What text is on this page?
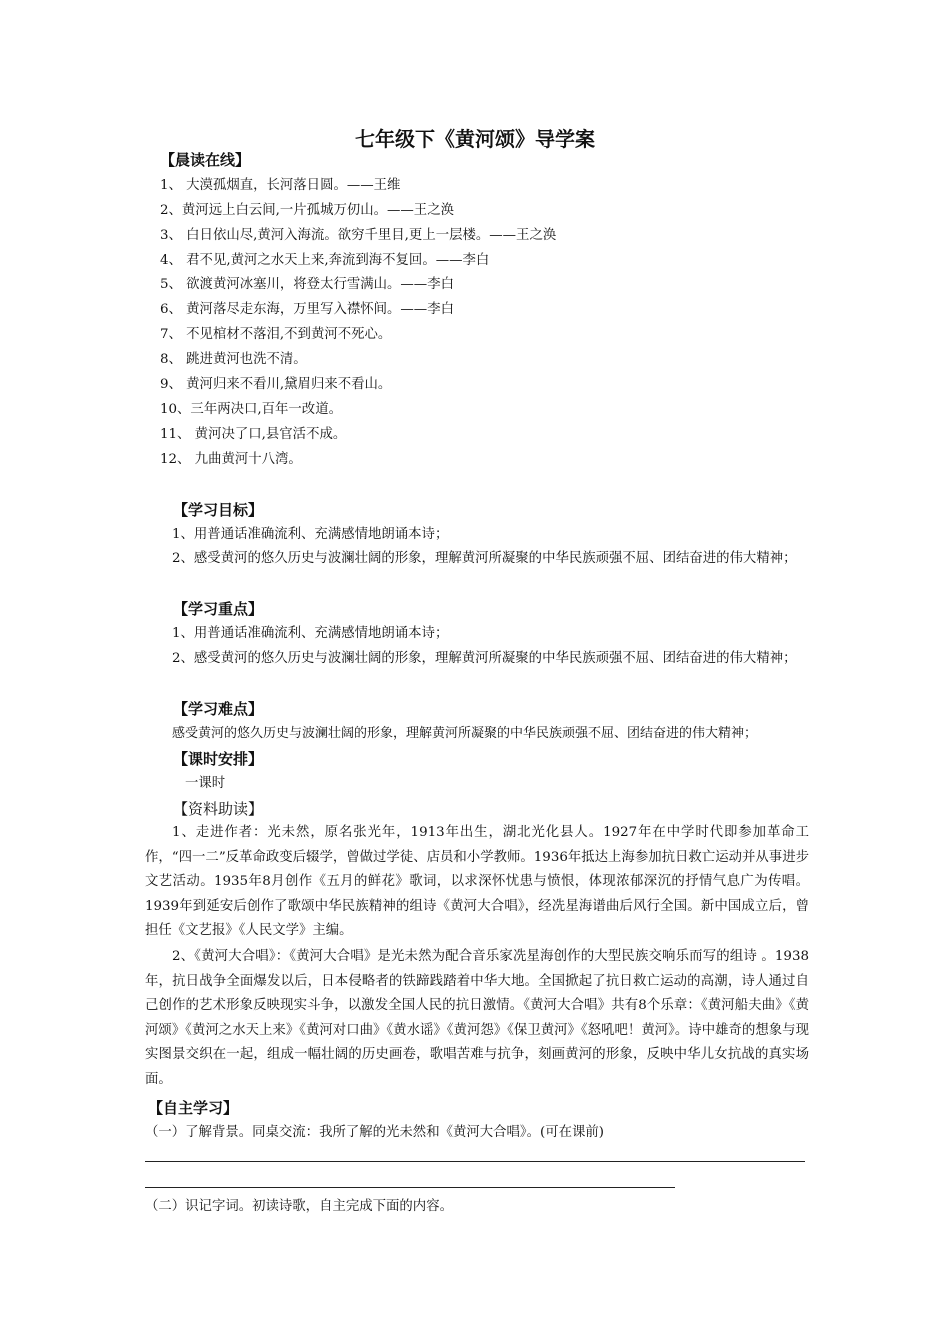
七年级下《黄河颂》导学案
【晨读在线】
1、 大漠孤烟直，长河落日圆。——王维
2、黄河远上白云间,一片孤城万仞山。——王之涣
3、 白日依山尽,黄河入海流。欲穷千里目,更上一层楼。——王之涣
4、 君不见,黄河之水天上来,奔流到海不复回。——李白
5、 欲渡黄河冰塞川，将登太行雪满山。——李白
6、 黄河落尽走东海，万里写入襟怀间。——李白
7、 不见棺材不落泪,不到黄河不死心。
8、 跳进黄河也洗不清。
9、 黄河归来不看川,黛眉归来不看山。
10、三年两决口,百年一改道。
11、 黄河决了口,县官活不成。
12、 九曲黄河十八湾。
【学习目标】
1、用普通话准确流利、充满感情地朗诵本诗；
2、感受黄河的悠久历史与波澜壮阔的形象，理解黄河所凝聚的中华民族顽强不屈、团结奋进的伟大精神；
【学习重点】
1、用普通话准确流利、充满感情地朗诵本诗；
2、感受黄河的悠久历史与波澜壮阔的形象，理解黄河所凝聚的中华民族顽强不屈、团结奋进的伟大精神；
【学习难点】
感受黄河的悠久历史与波澜壮阔的形象，理解黄河所凝聚的中华民族顽强不屈、团结奋进的伟大精神；
【课时安排】
一课时
【资料助读】
1、走进作者：光未然，原名张光年，1913年出生，湖北光化县人。1927年在中学时代即参加革命工作，“四一二”反革命政变后辍学，曾做过学徒、店员和小学教师。1936年抵达上海参加抗日救亡运动并从事进步文艺活动。1935年8月创作《五月的鲜花》歌词，以求深怀忧患与愤恨，体现浓郁深沉的抒情气息广为传唱。1939年到延安后创作了歌颂中华民族精神的组诗《黄河大合唱》，经冼星海谱曲后风行全国。新中国成立后，曾担任《文艺报》《人民文学》主编。
2、《黄河大合唱》：《黄河大合唱》是光未然为配合音乐家冼星海创作的大型民族交响乐而写的组诗 。1938年，抗日战争全面爆发以后，日本侵略者的铁蹄践踏着中华大地。全国掀起了抗日救亡运动的高潮，诗人通过自己创作的艺术形象反映现实斗争，以激发全国人民的抗日激情。《黄河大合唱》共有8个乐章：《黄河船夫曲》《黄河颂》《黄河之水天上来》《黄河对口曲》《黄水谣》《黄河怨》《保卫黄河》《怒吼吧！黄河》。诗中雄奇的想象与现实图景交织在一起，组成一幅壮阔的历史画卷，歌唱苦难与抗争，刻画黄河的形象，反映中华儿女抗战的真实场面。
【自主学习】
（一）了解背景。同桌交流：我所了解的光未然和《黄河大合唱》。(可在课前)
（二）识记字词。初读诗歌，自主完成下面的内容。
